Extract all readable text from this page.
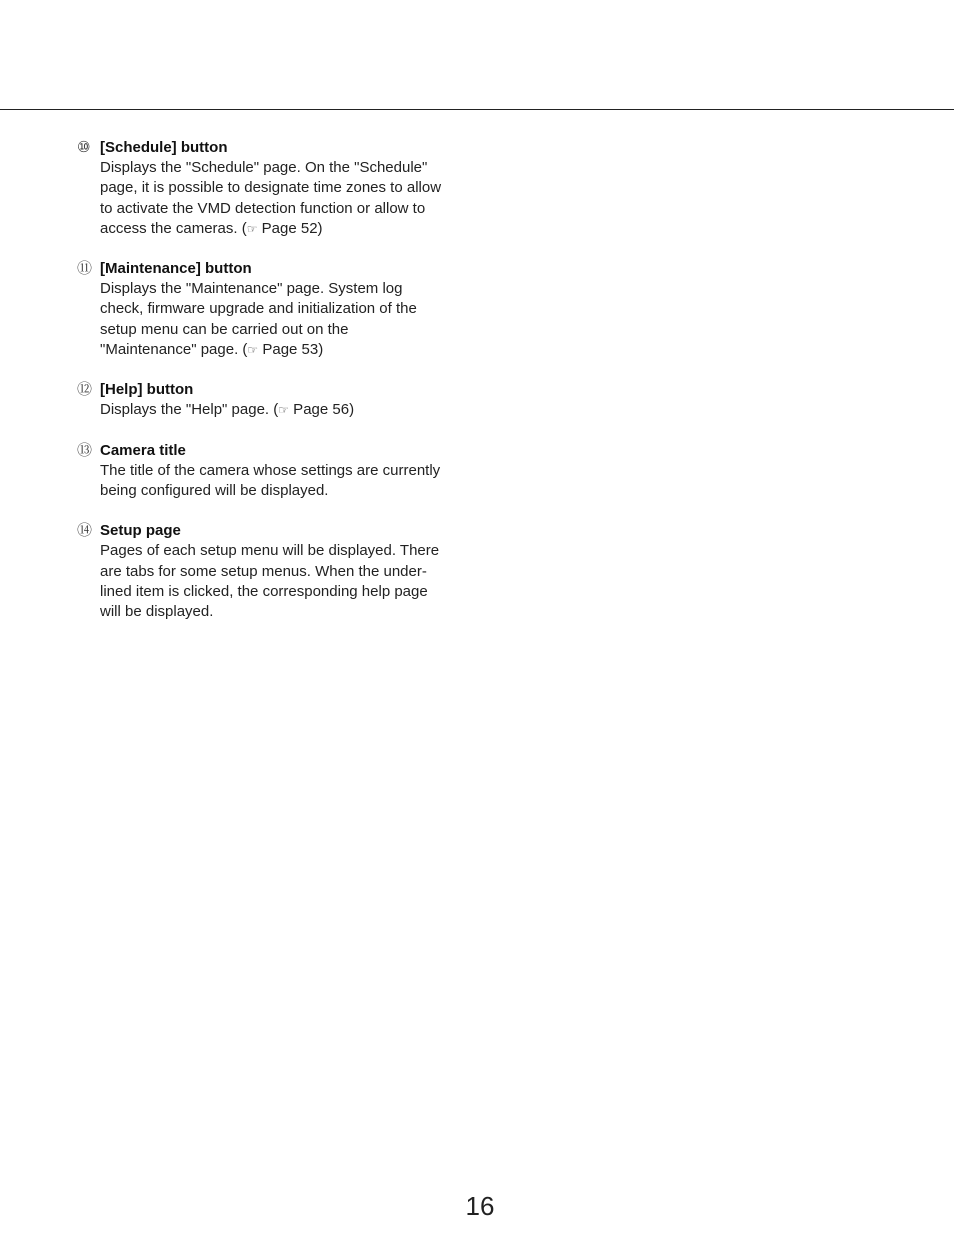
⑩ [Schedule] button
Displays the "Schedule" page. On the "Schedule"
page, it is possible to designate time zones to allow
to activate the VMD detection function or allow to
access the cameras. (☞ Page 52)
⑪ [Maintenance] button
Displays the "Maintenance" page. System log
check, firmware upgrade and initialization of the
setup menu can be carried out on the
"Maintenance" page. (☞ Page 53)
⑫ [Help] button
Displays the "Help" page. (☞ Page 56)
⑬ Camera title
The title of the camera whose settings are currently
being configured will be displayed.
⑭ Setup page
Pages of each setup menu will be displayed. There
are tabs for some setup menus. When the under-
lined item is clicked, the corresponding help page
will be displayed.
16
